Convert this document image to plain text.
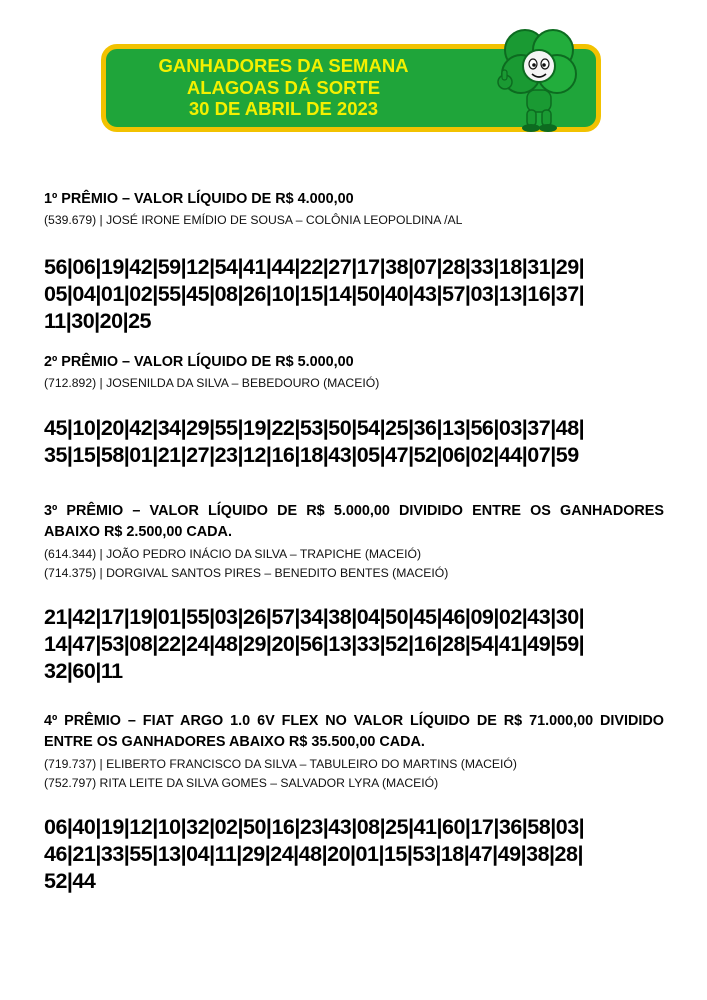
GANHADORES DA SEMANA
ALAGOAS DÁ SORTE
30 DE ABRIL DE 2023
1º PRÊMIO – VALOR LÍQUIDO DE R$ 4.000,00
(539.679) | JOSÉ IRONE EMÍDIO DE SOUSA – COLÔNIA LEOPOLDINA /AL
56|06|19|42|59|12|54|41|44|22|27|17|38|07|28|33|18|31|29|
05|04|01|02|55|45|08|26|10|15|14|50|40|43|57|03|13|16|37|
11|30|20|25
2º PRÊMIO – VALOR LÍQUIDO DE R$ 5.000,00
(712.892) | JOSENILDA DA SILVA – BEBEDOURO (MACEIÓ)
45|10|20|42|34|29|55|19|22|53|50|54|25|36|13|56|03|37|48|
35|15|58|01|21|27|23|12|16|18|43|05|47|52|06|02|44|07|59
3º PRÊMIO – VALOR LÍQUIDO DE R$ 5.000,00 DIVIDIDO ENTRE OS GANHADORES ABAIXO R$ 2.500,00 CADA.
(614.344) | JOÃO PEDRO INÁCIO DA SILVA – TRAPICHE (MACEIÓ)
(714.375) | DORGIVAL SANTOS PIRES – BENEDITO BENTES (MACEIÓ)
21|42|17|19|01|55|03|26|57|34|38|04|50|45|46|09|02|43|30|
14|47|53|08|22|24|48|29|20|56|13|33|52|16|28|54|41|49|59|
32|60|11
4º PRÊMIO – FIAT ARGO 1.0 6V FLEX NO VALOR LÍQUIDO DE R$ 71.000,00 DIVIDIDO ENTRE OS GANHADORES ABAIXO R$ 35.500,00 CADA.
(719.737) | ELIBERTO FRANCISCO DA SILVA – TABULEIRO DO MARTINS (MACEIÓ)
(752.797) RITA LEITE DA SILVA GOMES – SALVADOR LYRA (MACEIÓ)
06|40|19|12|10|32|02|50|16|23|43|08|25|41|60|17|36|58|03|
46|21|33|55|13|04|11|29|24|48|20|01|15|53|18|47|49|38|28|
52|44
